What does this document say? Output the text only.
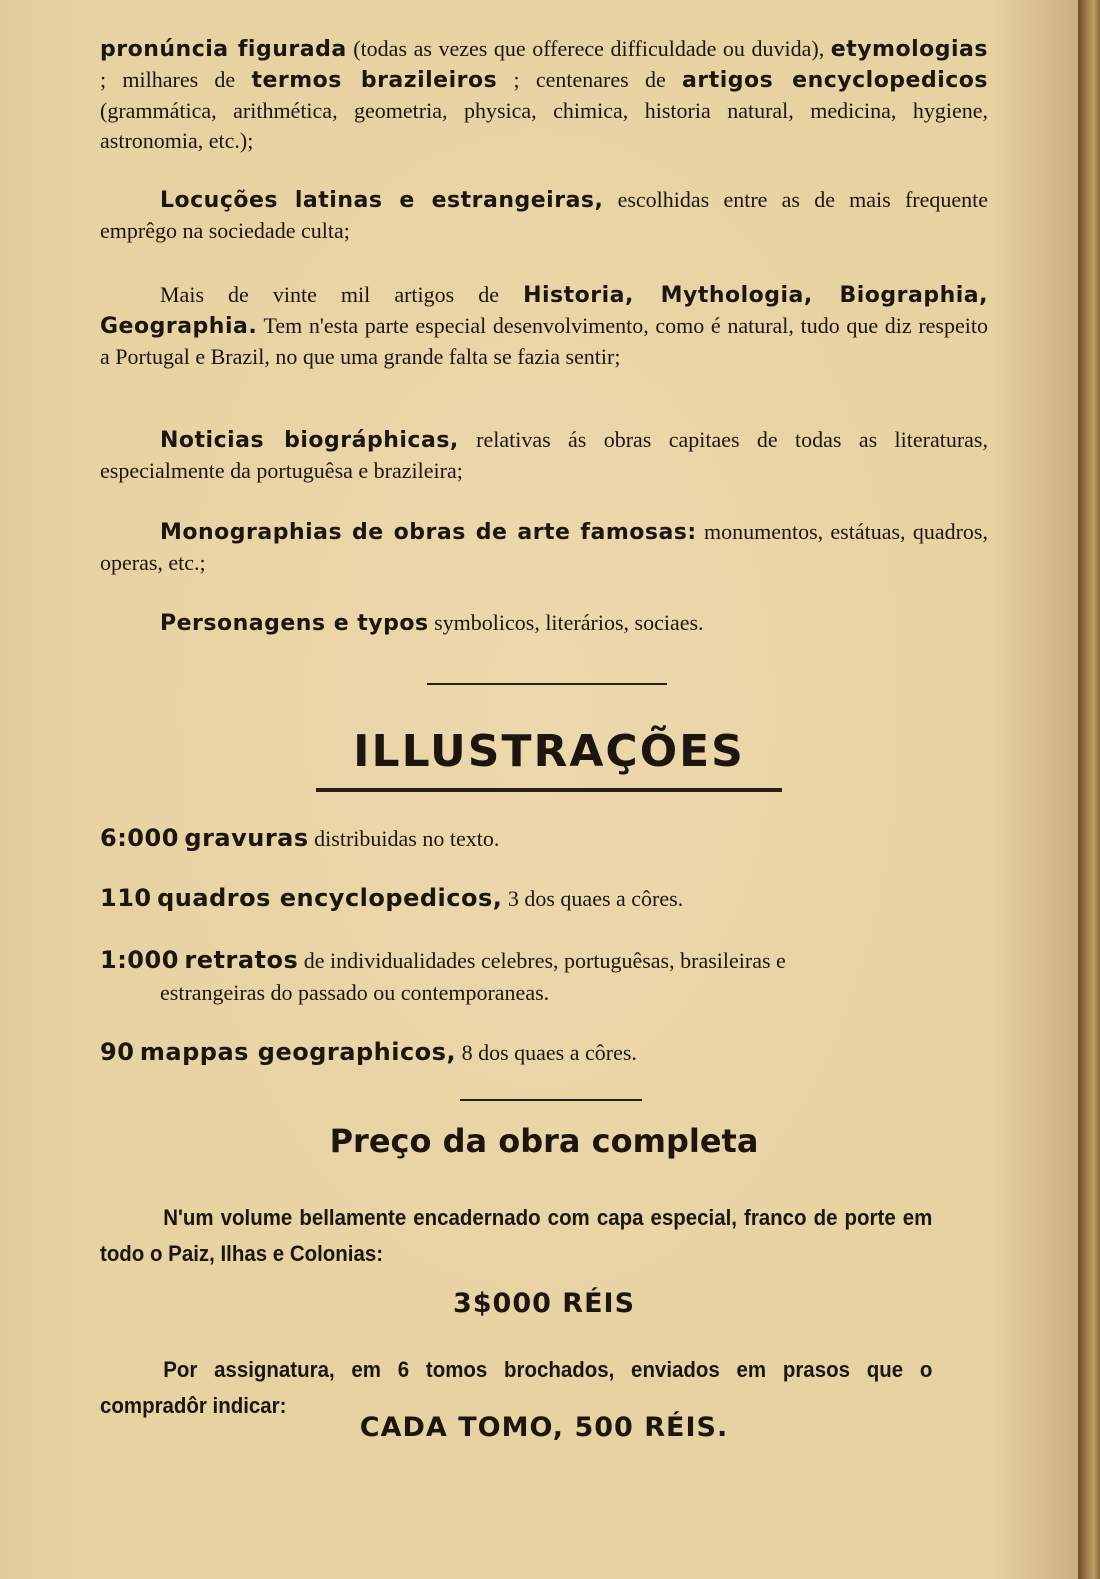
pronúncia figurada (todas as vezes que offerece difficuldade ou duvida), etymologias ; milhares de termos brazileiros ; centenares de artigos encyclopedicos (grammática, arithmética, geometria, physica, chimica, historia natural, medicina, hygiene, astronomia, etc.);

Locuções latinas e estrangeiras, escolhidas entre as de mais frequente emprêgo na sociedade culta;

Mais de vinte mil artigos de Historia, Mythologia, Biographia, Geographia. Tem n'esta parte especial desenvolvimento, como é natural, tudo que diz respeito a Portugal e Brazil, no que uma grande falta se fazia sentir;

Noticias biográphicas, relativas ás obras capitaes de todas as literaturas, especialmente da portuguêsa e brazileira;

Monographias de obras de arte famosas: monumentos, estátuas, quadros, operas, etc.;

Personagens e typos symbolicos, literários, sociaes.

ILLUSTRAÇÕES
6:000 gravuras distribuidas no texto.
110 quadros encyclopedicos, 3 dos quaes a côres.
1:000 retratos de individualidades celebres, portuguêsas, brasileiras e
estrangeiras do passado ou contemporaneas.
90 mappas geographicos, 8 dos quaes a côres.
Preço da obra completa
N'um volume bellamente encadernado com capa especial, franco de porte em todo o Paiz, Ilhas e Colonias:
3$000 RÉIS
Por assignatura, em 6 tomos brochados, enviados em prasos que o compradôr indicar:
CADA TOMO, 500 RÉIS.
